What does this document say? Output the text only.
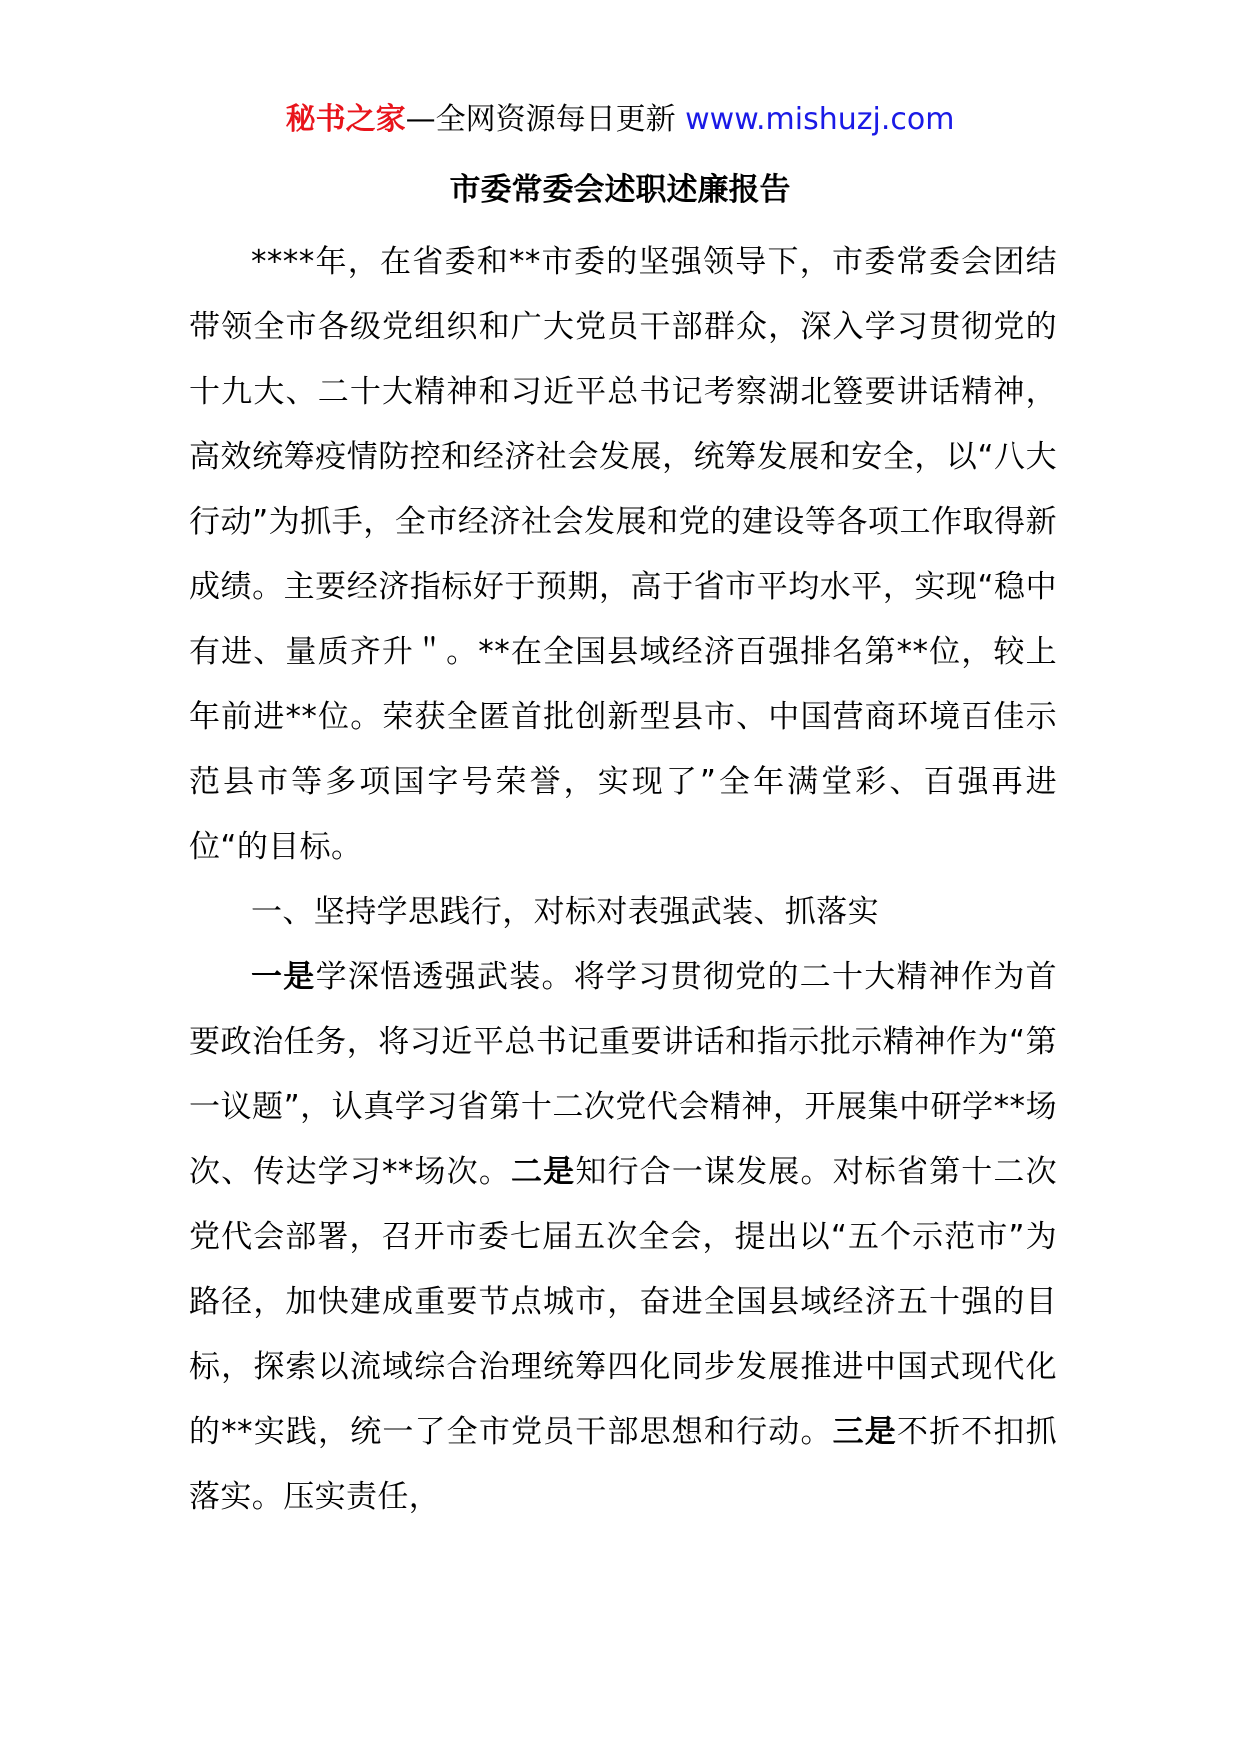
秘书之家—全网资源每日更新 www.mishuzj.com
市委常委会述职述廉报告

****年，在省委和**市委的坚强领导下，市委常委会团结带领全市各级党组织和广大党员干部群众，深入学习贯彻党的十九大、二十大精神和习近平总书记考察湖北簦要讲话精神，高效统筹疫情防控和经济社会发展，统筹发展和安全，以“八大行动”为抓手，全市经济社会发展和党的建设等各项工作取得新成绩。主要经济指标好于预期，高于省市平均水平，实现“稳中有进、量质齐升＂。**在全国县域经济百强排名第**位，较上年前进**位。荣获全匿首批创新型县市、中国营商环境百佳示范县市等多项国字号荣誉，实现了”全年满堂彩、百强再进位“的目标。

一、坚持学思践行，对标对表强武装、抓落实

一是学深悟透强武装。将学习贯彻党的二十大精神作为首要政治任务，将习近平总书记重要讲话和指示批示精神作为“第一议题”，认真学习省第十二次党代会精神，开展集中研学**场次、传达学习**场次。二是知行合一谋发展。对标省第十二次党代会部署，召开市委七届五次全会，提出以“五个示范市”为路径，加快建成重要节点城市，奋进全国县域经济五十强的目标，探索以流域综合治理统筹四化同步发展推进中国式现代化的**实践，统一了全市党员干部思想和行动。三是不折不扣抓落实。压实责任，
